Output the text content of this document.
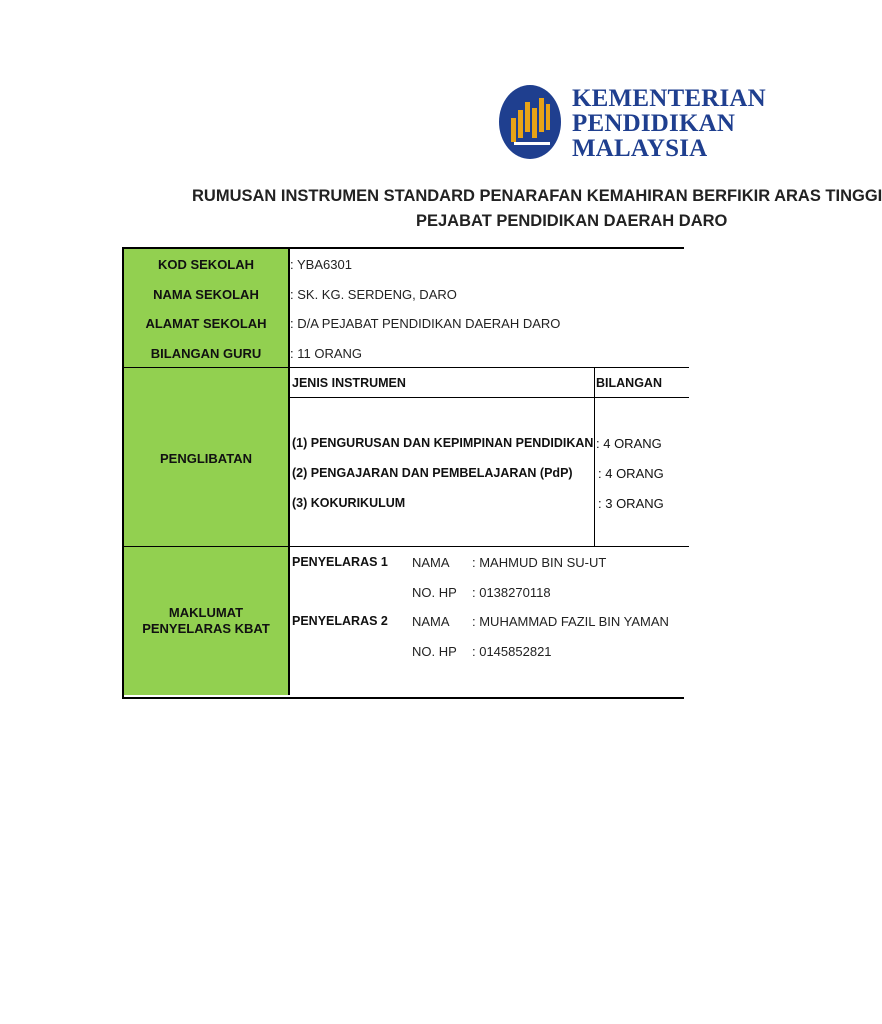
KEMENTERIAN
PENDIDIKAN
MALAYSIA
RUMUSAN INSTRUMEN STANDARD PENARAFAN KEMAHIRAN BERFIKIR ARAS TINGGI
PEJABAT PENDIDIKAN DAERAH DARO
KOD SEKOLAH
NAMA SEKOLAH
ALAMAT SEKOLAH
BILANGAN GURU
: YBA6301
: SK. KG. SERDENG, DARO
: D/A PEJABAT PENDIDIKAN DAERAH DARO
: 11 ORANG
PENGLIBATAN
JENIS INSTRUMEN	BILANGAN
(1) PENGURUSAN DAN KEPIMPINAN PENDIDIKAN
(2) PENGAJARAN DAN PEMBELAJARAN (PdP)
(3) KOKURIKULUM
: 4 ORANG
: 4 ORANG
: 3 ORANG
MAKLUMAT
PENYELARAS KBAT
PENYELARAS 1 NAMA : MAHMUD BIN SU-UT
NO. HP : 0138270118
PENYELARAS 2 NAMA : MUHAMMAD FAZIL BIN YAMAN
NO. HP : 0145852821
